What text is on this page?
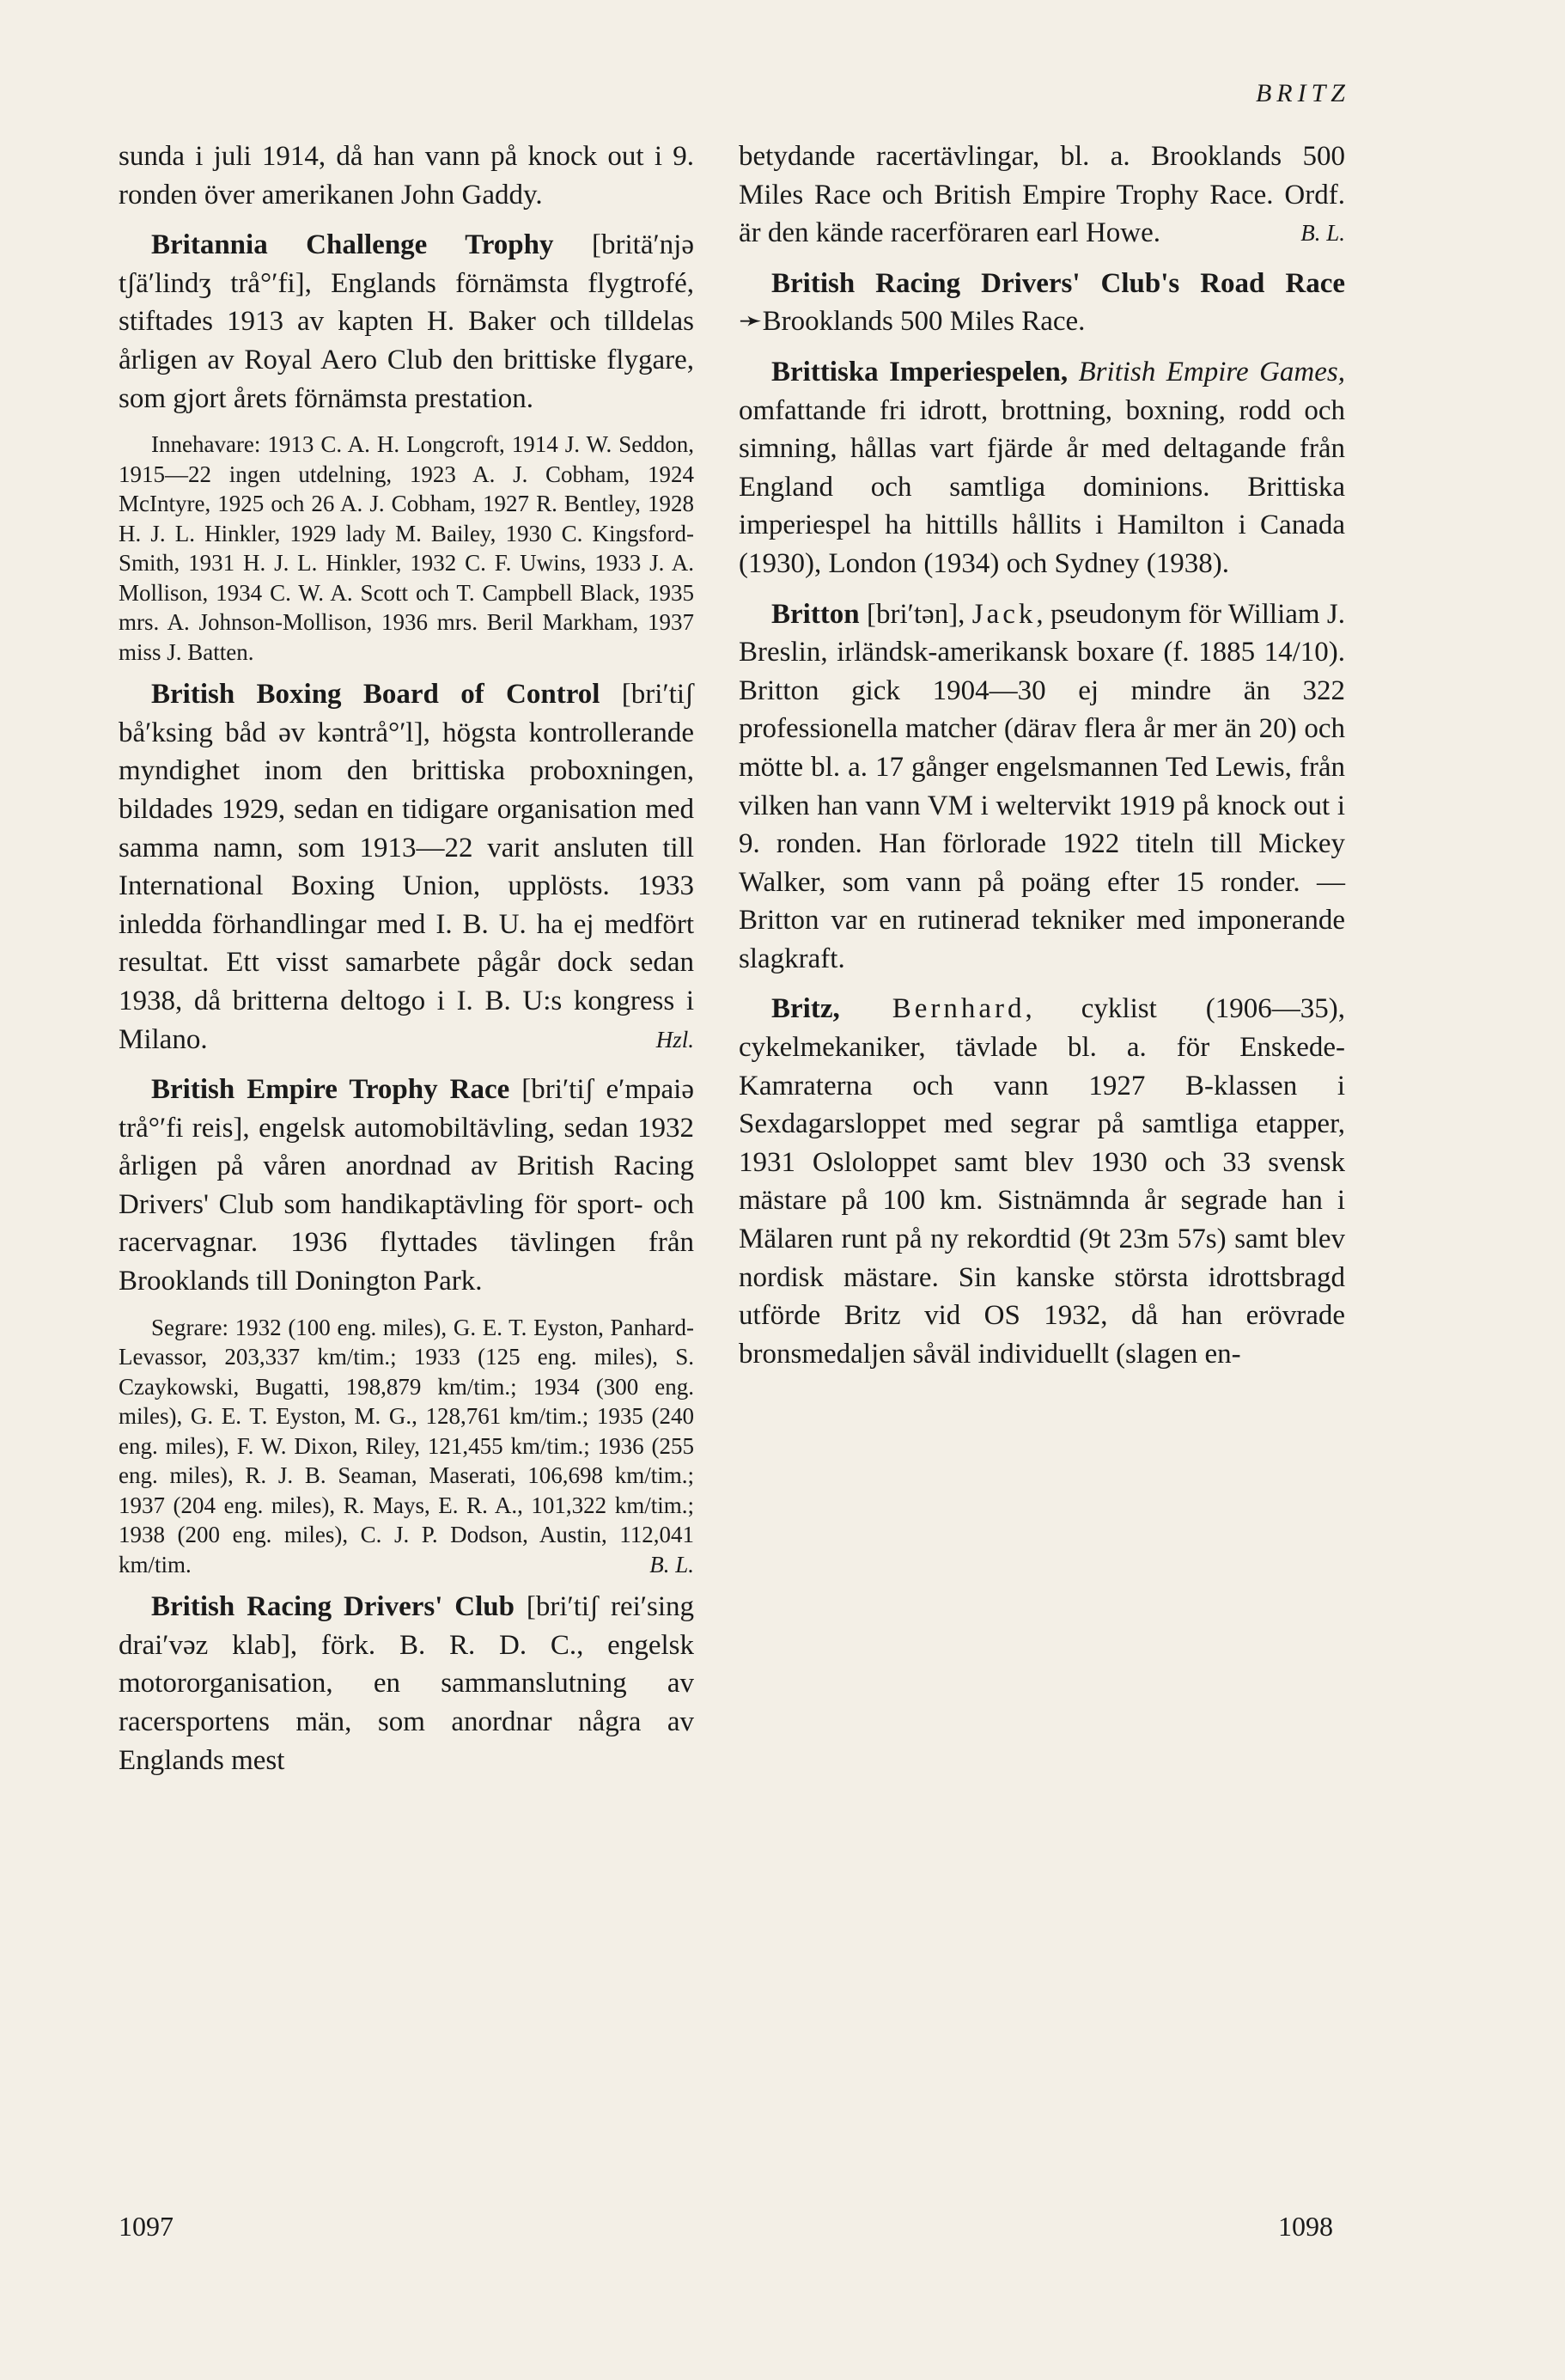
BRITZ

sunda i juli 1914, då han vann på knock out i 9. ronden över amerikanen John Gaddy.

Britannia Challenge Trophy [britä′njə tʃä′lindʒ trå°′fi], Englands förnämsta flygtrofé, stiftades 1913 av kapten H. Baker och tilldelas årligen av Royal Aero Club den brittiske flygare, som gjort årets förnämsta prestation.

Innehavare: 1913 C. A. H. Longcroft, 1914 J. W. Seddon, 1915—22 ingen utdelning, 1923 A. J. Cobham, 1924 McIntyre, 1925 och 26 A. J. Cobham, 1927 R. Bentley, 1928 H. J. L. Hinkler, 1929 lady M. Bailey, 1930 C. Kingsford-Smith, 1931 H. J. L. Hinkler, 1932 C. F. Uwins, 1933 J. A. Mollison, 1934 C. W. A. Scott och T. Campbell Black, 1935 mrs. A. Johnson-Mollison, 1936 mrs. Beril Markham, 1937 miss J. Batten.

British Boxing Board of Control [bri′tiʃ bå′ksing båd əv kəntrå°′l], högsta kontrollerande myndighet inom den brittiska proboxningen, bildades 1929, sedan en tidigare organisation med samma namn, som 1913—22 varit ansluten till International Boxing Union, upplösts. 1933 inledda förhandlingar med I. B. U. ha ej medfört resultat. Ett visst samarbete pågår dock sedan 1938, då britterna deltogo i I. B. U:s kongress i Milano.	Hzl.

British Empire Trophy Race [bri′tiʃ e′mpaiə trå°′fi reis], engelsk automobiltävling, sedan 1932 årligen på våren anordnad av British Racing Drivers' Club som handikaptävling för sport- och racervagnar. 1936 flyttades tävlingen från Brooklands till Donington Park.

Segrare: 1932 (100 eng. miles), G. E. T. Eyston, Panhard-Levassor, 203,337 km/tim.; 1933 (125 eng. miles), S. Czaykowski, Bugatti, 198,879 km/tim.; 1934 (300 eng. miles), G. E. T. Eyston, M. G., 128,761 km/tim.; 1935 (240 eng. miles), F. W. Dixon, Riley, 121,455 km/tim.; 1936 (255 eng. miles), R. J. B. Seaman, Maserati, 106,698 km/tim.; 1937 (204 eng. miles), R. Mays, E. R. A., 101,322 km/tim.; 1938 (200 eng. miles), C. J. P. Dodson, Austin, 112,041 km/tim.	B. L.

British Racing Drivers' Club [bri′tiʃ rei′sing drai′vəz klab], förk. B. R. D. C., engelsk motororganisation, en sammanslutning av racersportens män, som anordnar några av Englands mest

betydande racertävlingar, bl. a. Brooklands 500 Miles Race och British Empire Trophy Race. Ordf. är den kände racerföraren earl Howe.	B. L.

British Racing Drivers' Club's Road Race ➛Brooklands 500 Miles Race.

Brittiska Imperiespelen, British Empire Games, omfattande fri idrott, brottning, boxning, rodd och simning, hållas vart fjärde år med deltagande från England och samtliga dominions. Brittiska imperiespel ha hittills hållits i Hamilton i Canada (1930), London (1934) och Sydney (1938).

Britton [bri′tən], Jack, pseudonym för William J. Breslin, irländsk-amerikansk boxare (f. 1885 14/10). Britton gick 1904—30 ej mindre än 322 professionella matcher (därav flera år mer än 20) och mötte bl. a. 17 gånger engelsmannen Ted Lewis, från vilken han vann VM i weltervikt 1919 på knock out i 9. ronden. Han förlorade 1922 titeln till Mickey Walker, som vann på poäng efter 15 ronder. — Britton var en rutinerad tekniker med imponerande slagkraft.

Britz, Bernhard, cyklist (1906—35), cykelmekaniker, tävlade bl. a. för Enskede-Kamraterna och vann 1927 B-klassen i Sexdagarsloppet med segrar på samtliga etapper, 1931 Osloloppet samt blev 1930 och 33 svensk mästare på 100 km. Sistnämnda år segrade han i Mälaren runt på ny rekordtid (9t 23m 57s) samt blev nordisk mästare. Sin kanske största idrottsbragd utförde Britz vid OS 1932, då han erövrade bronsmedaljen såväl individuellt (slagen en-

1097	1098
